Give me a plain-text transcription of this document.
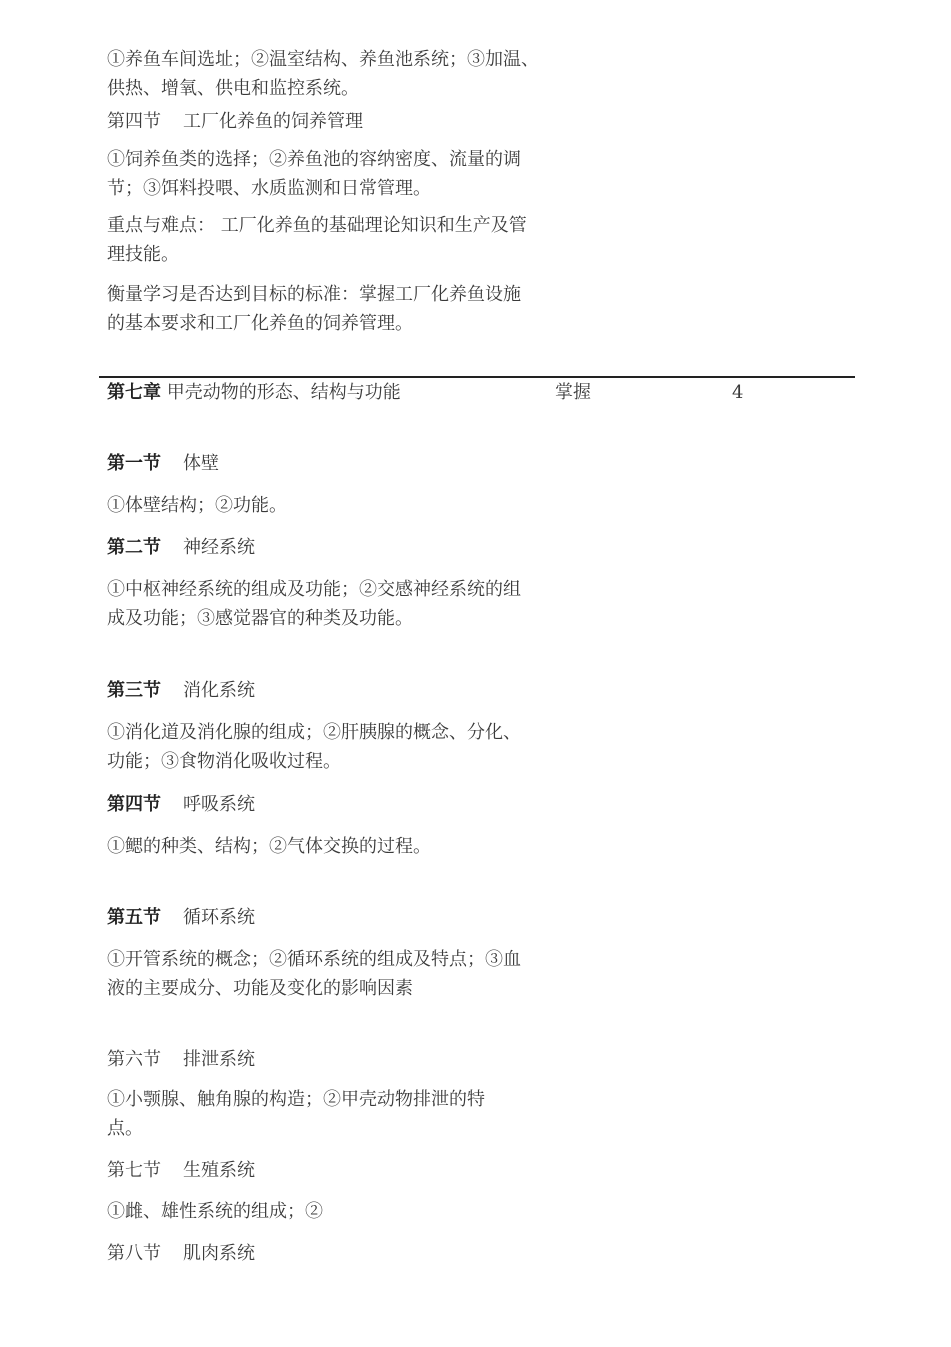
①养鱼车间选址；②温室结构、养鱼池系统；③加温、供热、增氧、供电和监控系统。

第四节 工厂化养鱼的饲养管理

①饲养鱼类的选择；②养鱼池的容纳密度、流量的调节；③饵料投喂、水质监测和日常管理。

重点与难点： 工厂化养鱼的基础理论知识和生产及管理技能。

衡量学习是否达到目标的标准：掌握工厂化养鱼设施的基本要求和工厂化养鱼的饲养管理。

第七章 甲壳动物的形态、结构与功能	掌握	4

第一节 体壁

①体壁结构；②功能。

第二节 神经系统

①中枢神经系统的组成及功能；②交感神经系统的组成及功能；③感觉器官的种类及功能。

第三节 消化系统

①消化道及消化腺的组成；②肝胰腺的概念、分化、功能；③食物消化吸收过程。

第四节 呼吸系统

①鳃的种类、结构；②气体交换的过程。

第五节 循环系统

①开管系统的概念；②循环系统的组成及特点；③血液的主要成分、功能及变化的影响因素

第六节 排泄系统

①小颚腺、触角腺的构造；②甲壳动物排泄的特点。

第七节 生殖系统

①雌、雄性系统的组成；②

第八节 肌肉系统
